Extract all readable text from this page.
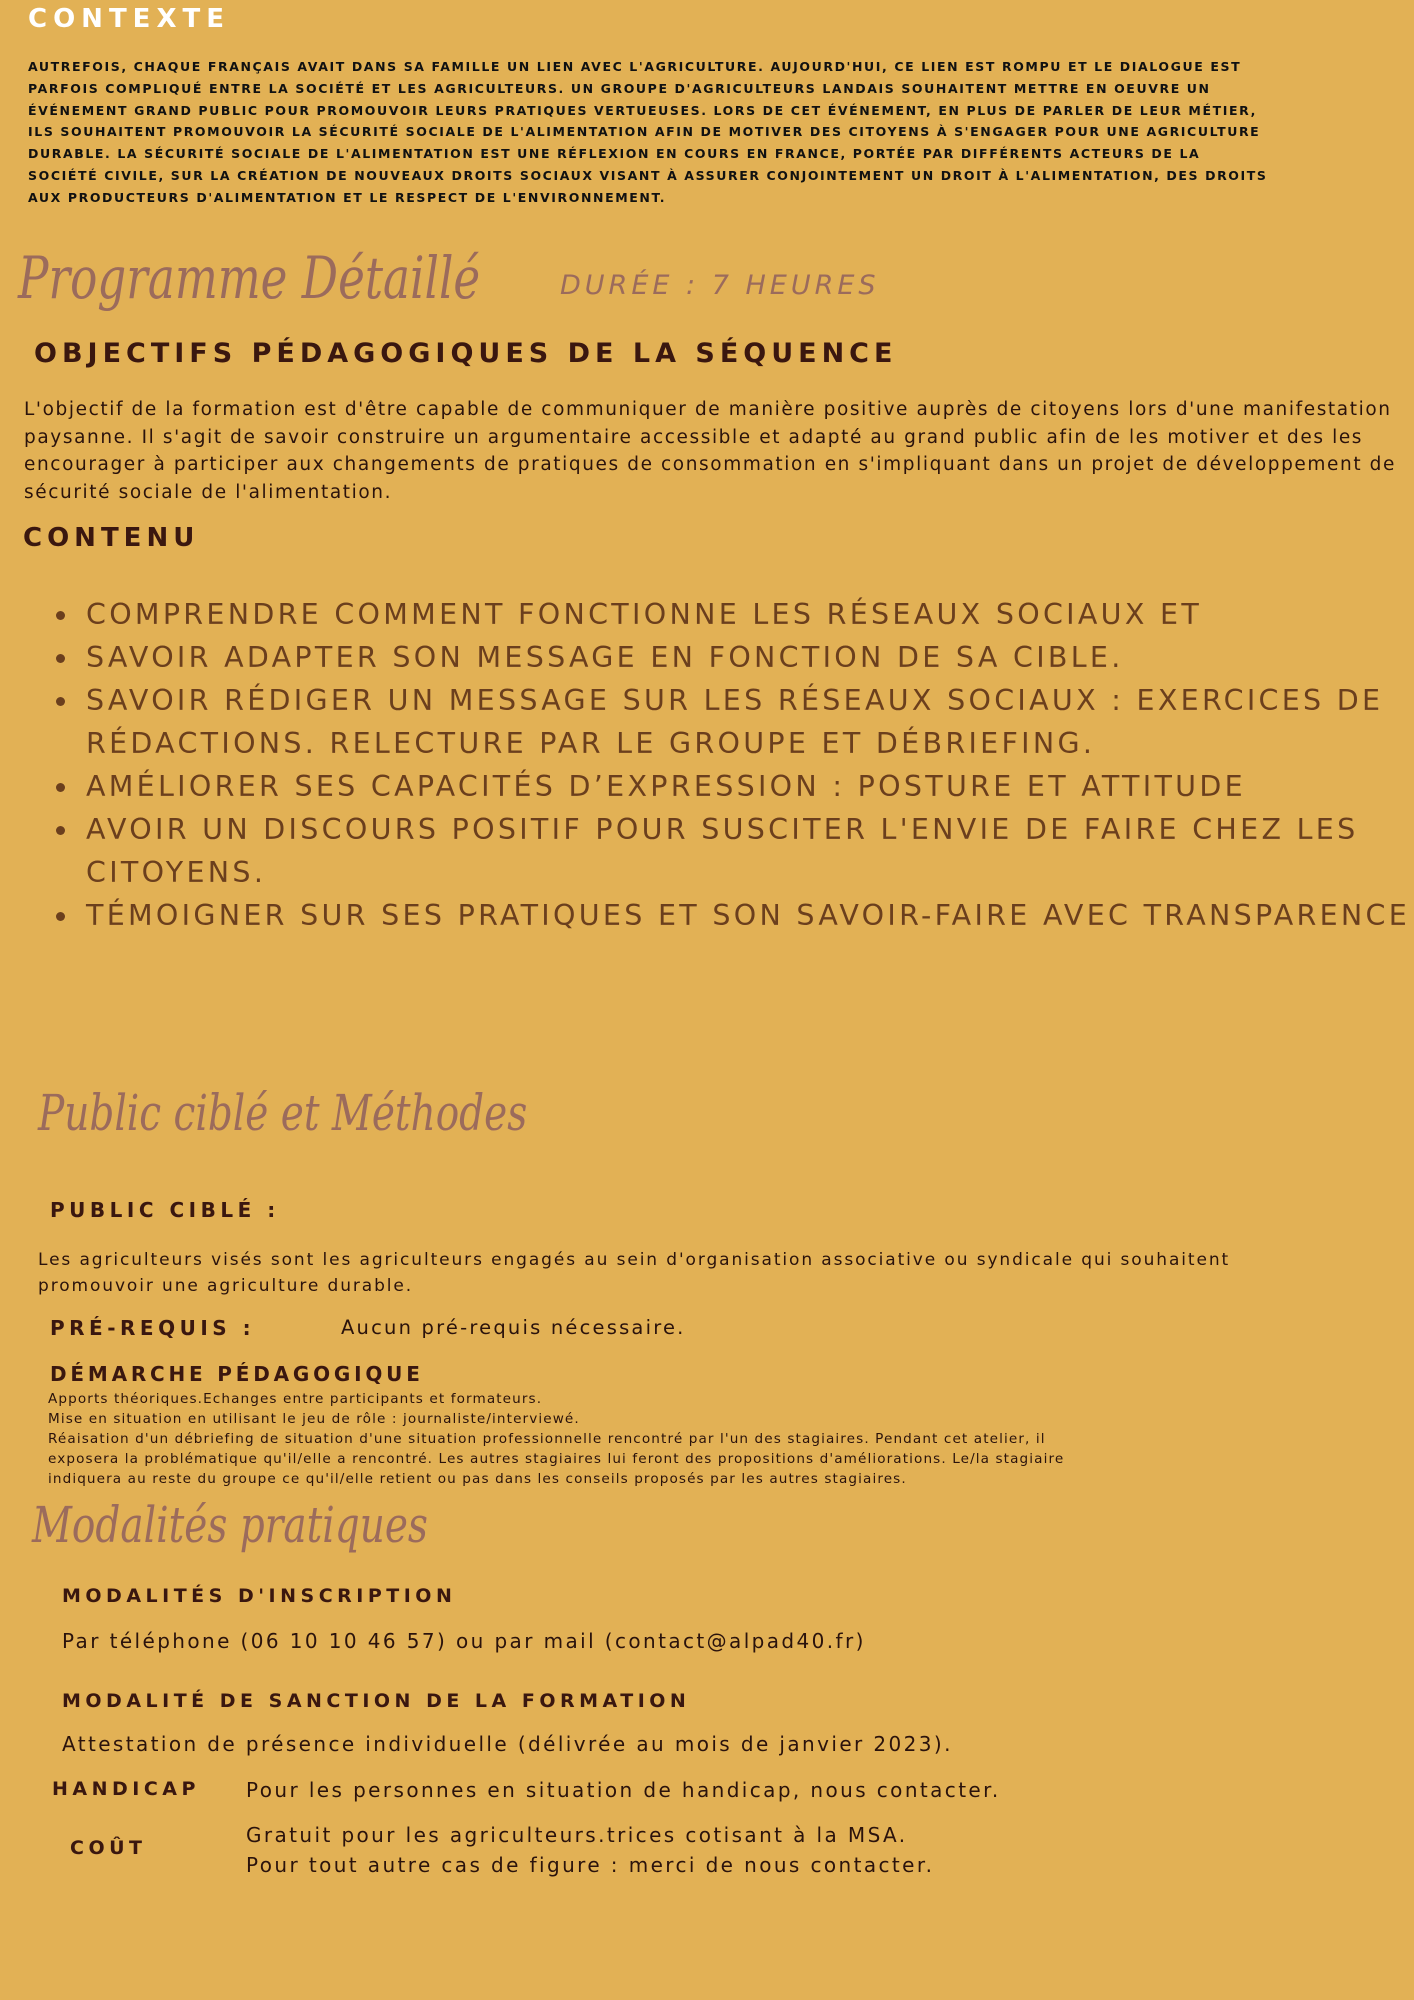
CONTEXTE
AUTREFOIS, CHAQUE FRANÇAIS AVAIT DANS SA FAMILLE UN LIEN AVEC L'AGRICULTURE. AUJOURD'HUI, CE LIEN EST ROMPU ET LE DIALOGUE EST PARFOIS COMPLIQUÉ ENTRE LA SOCIÉTÉ ET LES AGRICULTEURS. UN GROUPE D'AGRICULTEURS LANDAIS SOUHAITENT METTRE EN OEUVRE UN ÉVÉNEMENT GRAND PUBLIC POUR PROMOUVOIR LEURS PRATIQUES VERTUEUSES. LORS DE CET ÉVÉNEMENT, EN PLUS DE PARLER DE LEUR MÉTIER, ILS SOUHAITENT PROMOUVOIR LA SÉCURITÉ SOCIALE DE L'ALIMENTATION AFIN DE MOTIVER DES CITOYENS À S'ENGAGER POUR UNE AGRICULTURE DURABLE. LA SÉCURITÉ SOCIALE DE L'ALIMENTATION EST UNE RÉFLEXION EN COURS EN FRANCE, PORTÉE PAR DIFFÉRENTS ACTEURS DE LA SOCIÉTÉ CIVILE, SUR LA CRÉATION DE NOUVEAUX DROITS SOCIAUX VISANT À ASSURER CONJOINTEMENT UN DROIT À L'ALIMENTATION, DES DROITS AUX PRODUCTEURS D'ALIMENTATION ET LE RESPECT DE L'ENVIRONNEMENT.
Programme Détaillé	DURÉE : 7 HEURES
OBJECTIFS PÉDAGOGIQUES DE LA SÉQUENCE
L'objectif de la formation est d'être capable de communiquer de manière positive auprès de citoyens lors d'une manifestation paysanne. Il s'agit de savoir construire un argumentaire accessible et adapté au grand public afin de les motiver et des les encourager à participer aux changements de pratiques de consommation en s'impliquant dans un projet de développement de sécurité sociale de l'alimentation.
CONTENU
COMPRENDRE COMMENT FONCTIONNE LES RÉSEAUX SOCIAUX ET
SAVOIR ADAPTER SON MESSAGE EN FONCTION DE SA CIBLE.
SAVOIR RÉDIGER UN MESSAGE SUR LES RÉSEAUX SOCIAUX : EXERCICES DE RÉDACTIONS. RELECTURE PAR LE GROUPE ET DÉBRIEFING.
AMÉLIORER SES CAPACITÉS D’EXPRESSION : POSTURE ET ATTITUDE
AVOIR UN DISCOURS POSITIF POUR SUSCITER L'ENVIE DE FAIRE CHEZ LES CITOYENS.
TÉMOIGNER SUR SES PRATIQUES ET SON SAVOIR-FAIRE AVEC TRANSPARENCE
Public ciblé et Méthodes
PUBLIC CIBLÉ :
Les agriculteurs visés sont les agriculteurs engagés au sein d'organisation associative ou syndicale qui souhaitent promouvoir une agriculture durable.
PRÉ-REQUIS :	Aucun pré-requis nécessaire.
DÉMARCHE PÉDAGOGIQUE
Apports théoriques.Echanges entre participants et formateurs.
Mise en situation en utilisant le jeu de rôle : journaliste/interviewé.
Réaisation d'un débriefing de situation d'une situation professionnelle rencontré par l'un des stagiaires. Pendant cet atelier, il exposera la problématique qu'il/elle a rencontré. Les autres stagiaires lui feront des propositions d'améliorations. Le/la stagiaire indiquera au reste du groupe ce qu'il/elle retient ou pas dans les conseils proposés par les autres stagiaires.
Modalités pratiques
MODALITÉS D'INSCRIPTION
Par téléphone (06 10 10 46 57) ou par mail (contact@alpad40.fr)
MODALITÉ DE SANCTION DE LA FORMATION
Attestation de présence individuelle (délivrée au mois de janvier 2023).
HANDICAP Pour les personnes en situation de handicap, nous contacter.
COÛT
Gratuit pour les agriculteurs.trices cotisant à la MSA.
Pour tout autre cas de figure : merci de nous contacter.
